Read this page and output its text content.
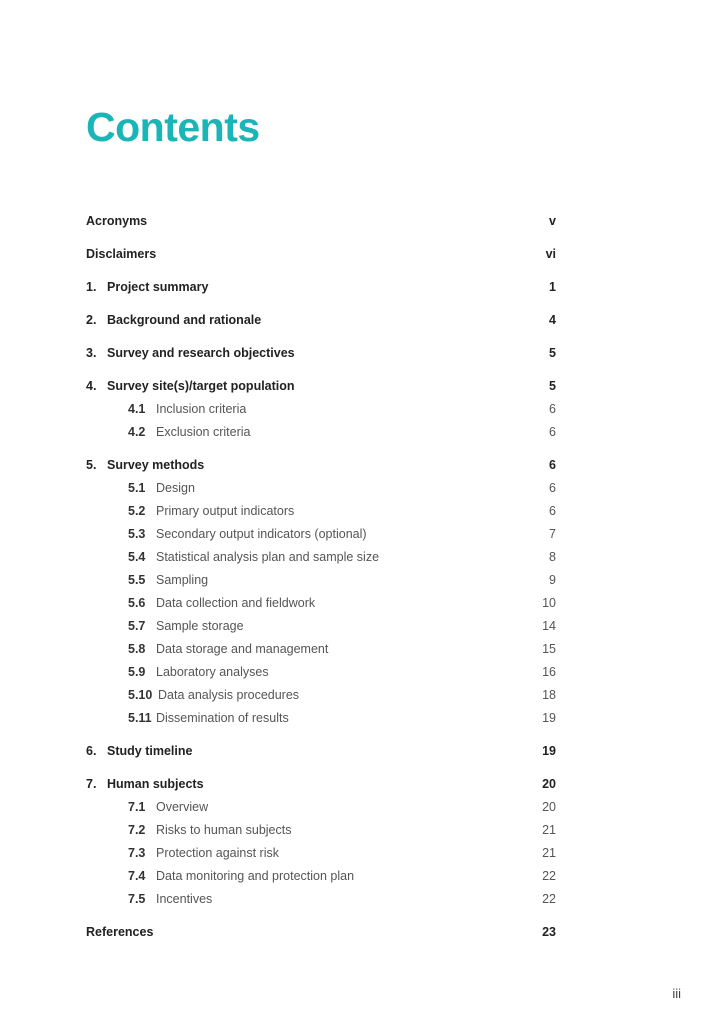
Contents
Acronyms	v
Disclaimers	vi
1. Project summary	1
2. Background and rationale	4
3. Survey and research objectives	5
4. Survey site(s)/target population	5
4.1 Inclusion criteria	6
4.2 Exclusion criteria	6
5. Survey methods	6
5.1 Design	6
5.2 Primary output indicators	6
5.3 Secondary output indicators (optional)	7
5.4 Statistical analysis plan and sample size	8
5.5 Sampling	9
5.6 Data collection and fieldwork	10
5.7 Sample storage	14
5.8 Data storage and management	15
5.9 Laboratory analyses	16
5.10 Data analysis procedures	18
5.11 Dissemination of results	19
6. Study timeline	19
7. Human subjects	20
7.1 Overview	20
7.2 Risks to human subjects	21
7.3 Protection against risk	21
7.4 Data monitoring and protection plan	22
7.5 Incentives	22
References	23
iii
